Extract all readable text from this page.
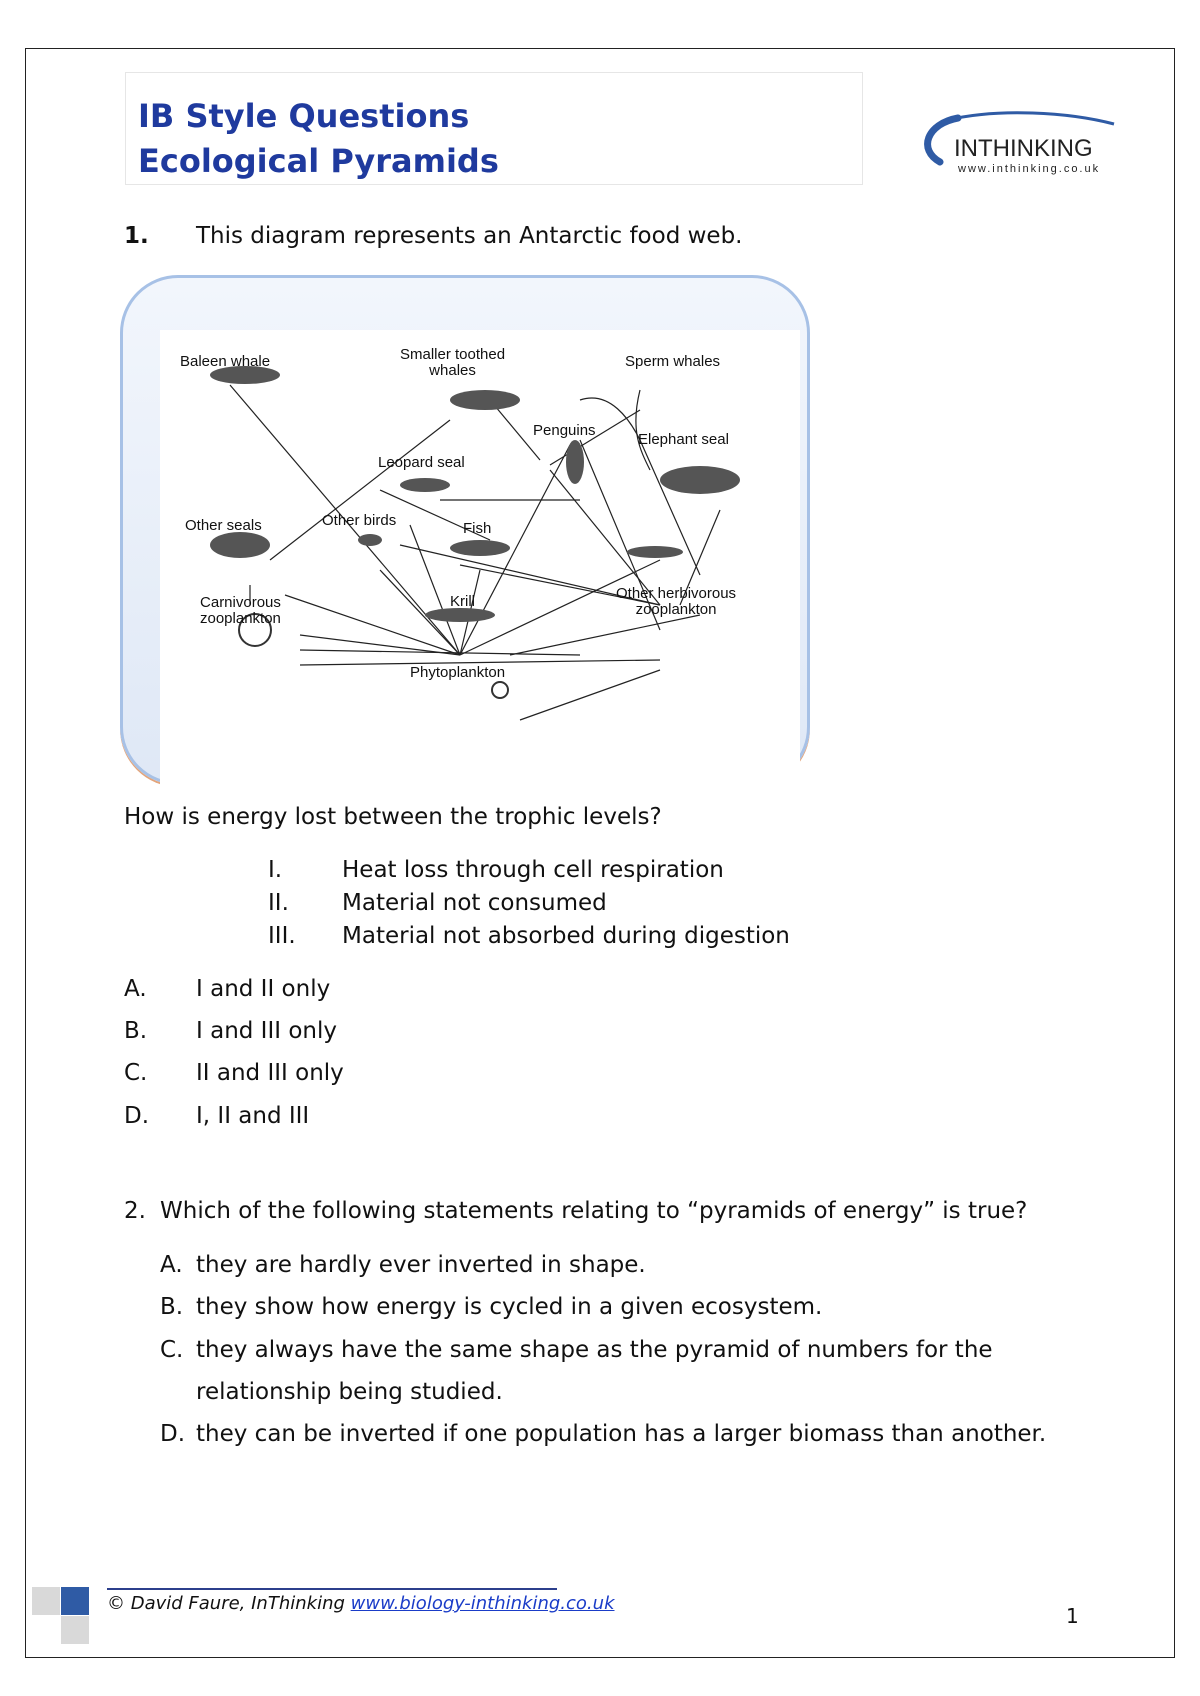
IB Style Questions
Ecological Pyramids	INTHINKING
www.inthinking.co.uk
1. This diagram represents an Antarctic food web.
Baleen whale	Smaller toothed
whales
Sperm whales
Penguins
Elephant seal
Leopard seal
Other seals	Other birds	Fish
Other herbivorous
zooplankton
Carnivorous
zooplankton
Krill
Phytoplankton
How is energy lost between the trophic levels?
I.	Heat loss through cell respiration
II. Material not consumed
III. Material not absorbed during digestion
A. I and II only
B. I and III only
C. II and III only
D. I, II and III
2. Which of the following statements relating to “pyramids of energy” is true?
A. they are hardly ever inverted in shape.
B. they show how energy is cycled in a given ecosystem.
C. they always have the same shape as the pyramid of numbers for the
relationship being studied.
D. they can be inverted if one population has a larger biomass than another.
© David Faure, InThinking www.biology-inthinking.co.uk
1
